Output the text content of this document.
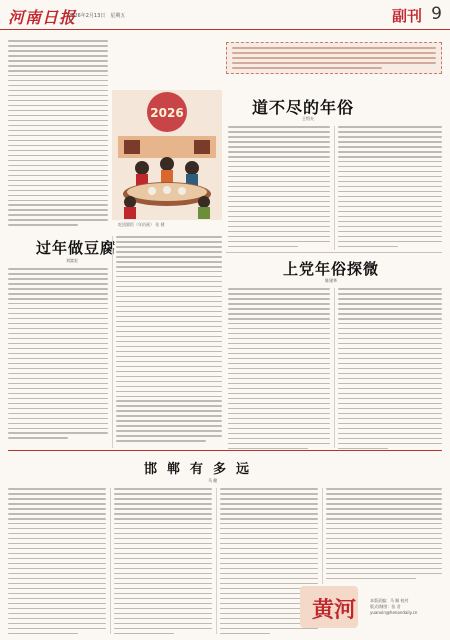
河南日报
2026年2月13日　星期五	副刊 9
2026
吃团圆饭（年俗画） 张 健
道不尽的年俗
王绍夫
上党年俗探微
陈建华
过年做豆腐
刘富宏
邯郸有多远
马 健
黄河	本版责编：马 顺 校对
版式/制图：张 君
yuanxin@henandaily.cn
